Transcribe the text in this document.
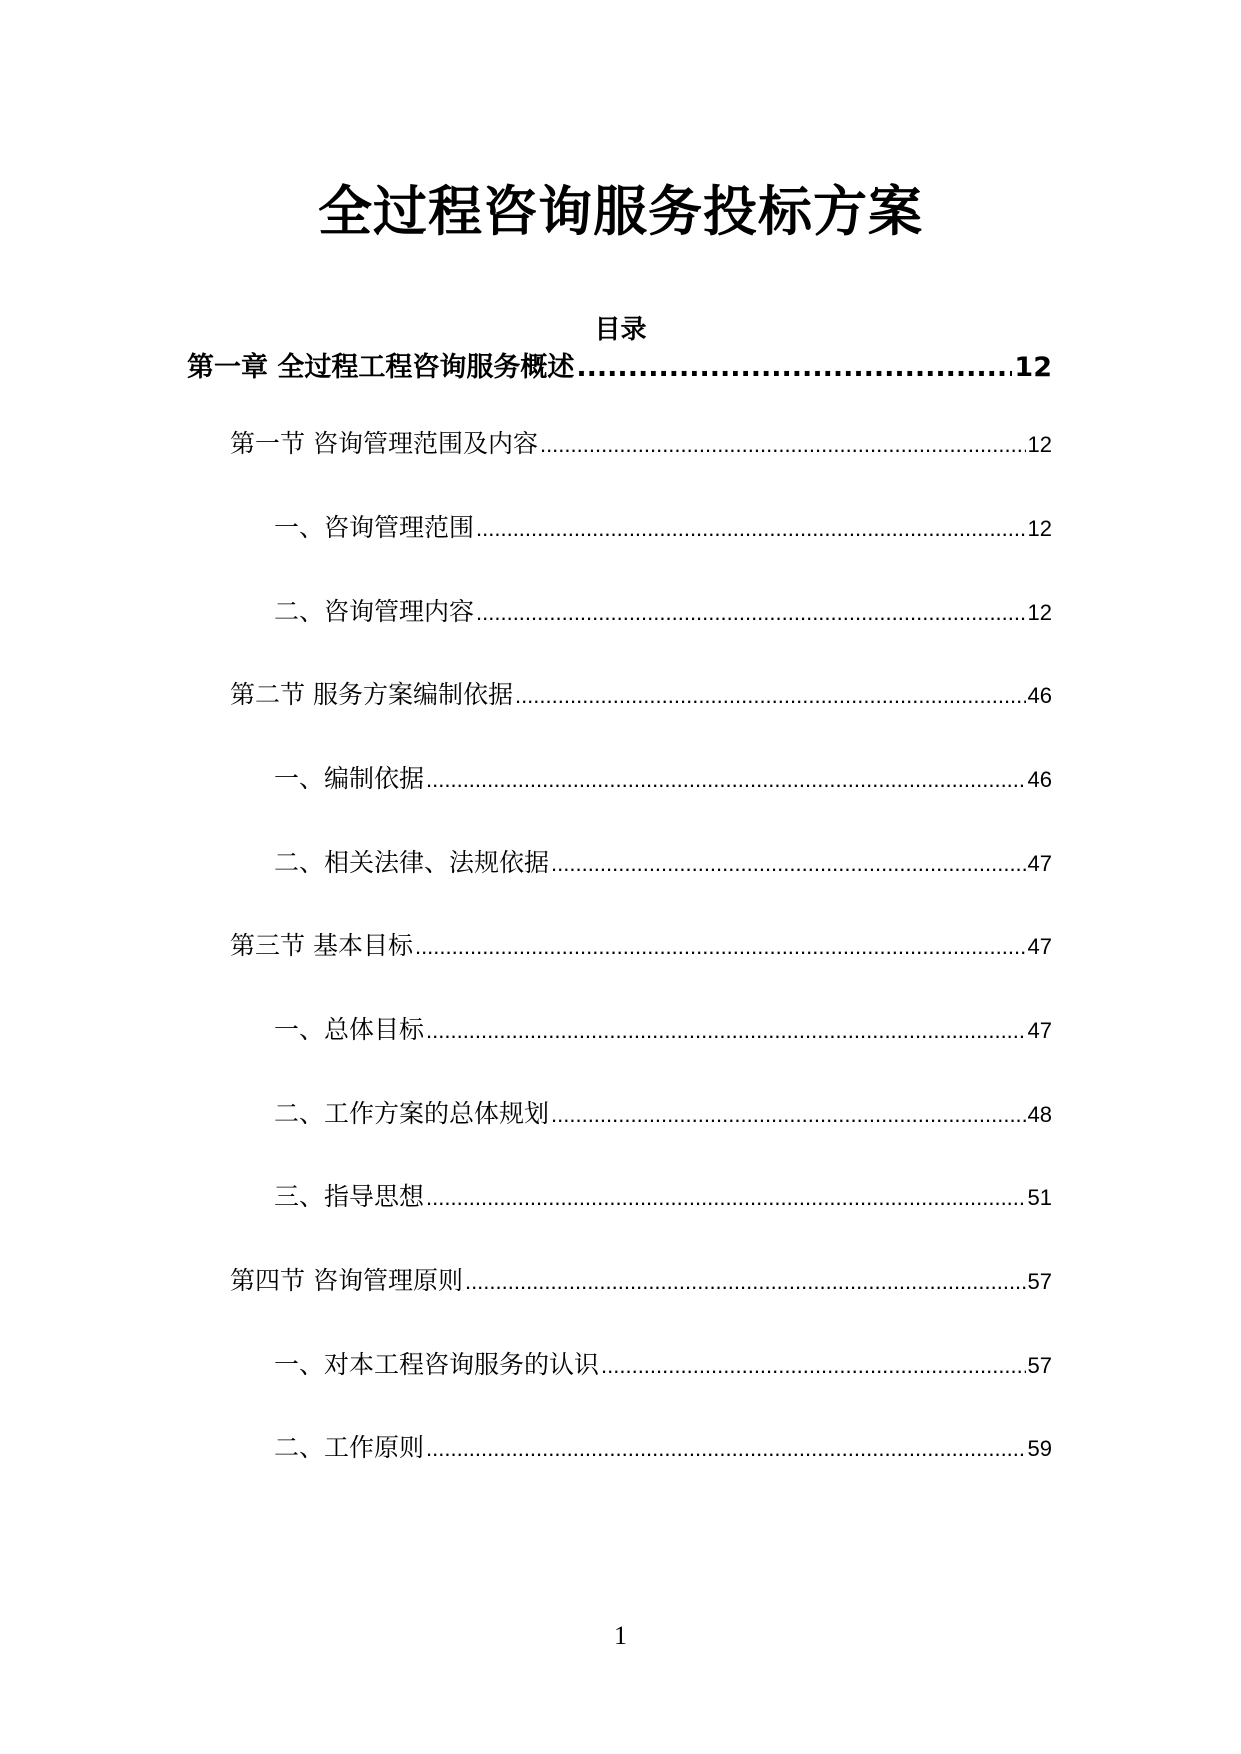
全过程咨询服务投标方案
目录
第一章 全过程工程咨询服务概述 .....	12
第一节 咨询管理范围及内容 .....	12
一、咨询管理范围 .....	12
二、咨询管理内容 .....	12
第二节 服务方案编制依据 .....	46
一、编制依据 .....	46
二、相关法律、法规依据 .....	47
第三节 基本目标 .....	47
一、总体目标 .....	47
二、工作方案的总体规划 .....	48
三、指导思想 .....	51
第四节 咨询管理原则 .....	57
一、对本工程咨询服务的认识 .....	57
二、工作原则 .....	59
1
